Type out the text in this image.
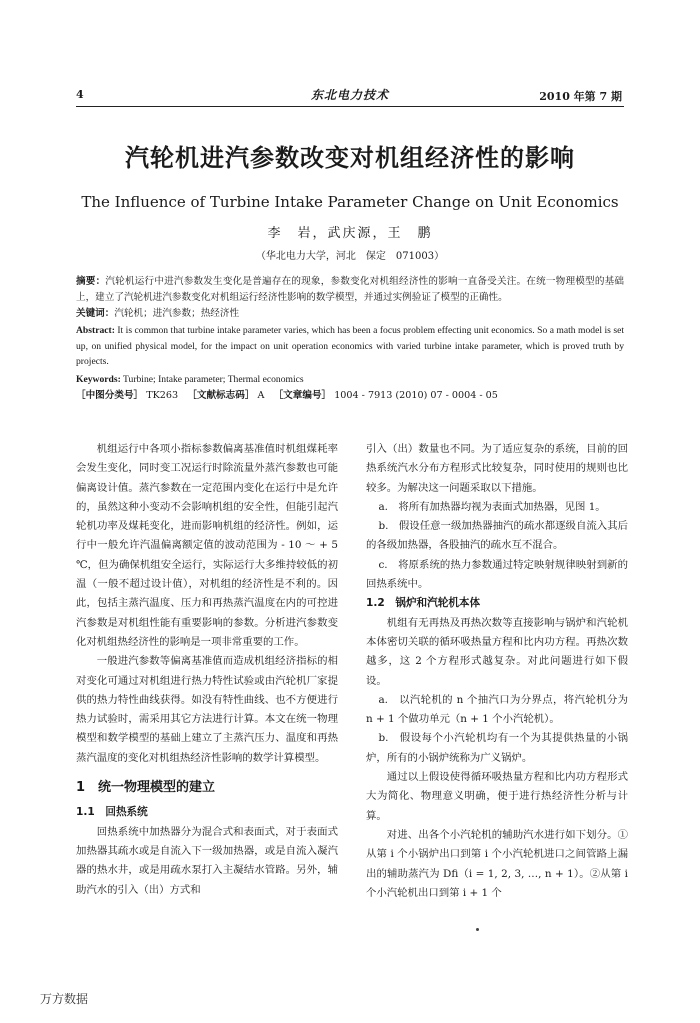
4	东北电力技术	2010 年第 7 期
汽轮机进汽参数改变对机组经济性的影响
The Influence of Turbine Intake Parameter Change on Unit Economics
李　岩，武庆源，王　鹏
（华北电力大学，河北　保定　071003）
摘要：汽轮机运行中进汽参数发生变化是普遍存在的现象，参数变化对机组经济性的影响一直备受关注。在统一物理模型的基础上，建立了汽轮机进汽参数变化对机组运行经济性影响的数学模型，并通过实例验证了模型的正确性。
关键词：汽轮机；进汽参数；热经济性
Abstract: It is common that turbine intake parameter varies, which has been a focus problem effecting unit economics. So a math model is set up, on unified physical model, for the impact on unit operation economics with varied turbine intake parameter, which is proved truth by projects.
Keywords: Turbine; Intake parameter; Thermal economics
［中图分类号］ TK263 ［文献标志码］ A ［文章编号］ 1004 - 7913 (2010) 07 - 0004 - 05

机组运行中各项小指标参数偏离基准值时机组煤耗率会发生变化，同时变工况运行时除流量外蒸汽参数也可能偏离设计值。蒸汽参数在一定范围内变化在运行中是允许的，虽然这种小变动不会影响机组的安全性，但能引起汽轮机功率及煤耗变化，进而影响机组的经济性。例如，运行中一般允许汽温偏离额定值的波动范围为 - 10 ～ + 5 ℃，但为确保机组安全运行，实际运行大多维持较低的初温（一般不超过设计值），对机组的经济性是不利的。因此，包括主蒸汽温度、压力和再热蒸汽温度在内的可控进汽参数是对机组性能有重要影响的参数。分析进汽参数变化对机组热经济性的影响是一项非常重要的工作。

一般进汽参数等偏离基准值而造成机组经济指标的相对变化可通过对机组进行热力特性试验或由汽轮机厂家提供的热力特性曲线获得。如没有特性曲线、也不方便进行热力试验时，需采用其它方法进行计算。本文在统一物理模型和数学模型的基础上建立了主蒸汽压力、温度和再热蒸汽温度的变化对机组热经济性影响的数学计算模型。

1　统一物理模型的建立
1.1　回热系统

回热系统中加热器分为混合式和表面式，对于表面式加热器其疏水或是自流入下一级加热器，或是自流入凝汽器的热水井，或是用疏水泵打入主凝结水管路。另外，辅助汽水的引入（出）方式和

引入（出）数量也不同。为了适应复杂的系统，目前的回热系统汽水分布方程形式比较复杂，同时使用的规则也比较多。为解决这一问题采取以下措施。

a.　将所有加热器均视为表面式加热器，见图 1。

b.　假设任意一级加热器抽汽的疏水都逐级自流入其后的各级加热器，各股抽汽的疏水互不混合。

c.　将原系统的热力参数通过特定映射规律映射到新的回热系统中。

1.2　锅炉和汽轮机本体

机组有无再热及再热次数等直接影响与锅炉和汽轮机本体密切关联的循环吸热量方程和比内功方程。再热次数越多，这 2 个方程形式越复杂。对此问题进行如下假设。

a.　以汽轮机的 n 个抽汽口为分界点，将汽轮机分为 n + 1 个做功单元（n + 1 个小汽轮机）。

b.　假设每个小汽轮机均有一个为其提供热量的小锅炉，所有的小锅炉统称为广义锅炉。

通过以上假设使得循环吸热量方程和比内功方程形式大为简化、物理意义明确，便于进行热经济性分析与计算。

对进、出各个小汽轮机的辅助汽水进行如下划分。①从第 i 个小锅炉出口到第 i 个小汽轮机进口之间管路上漏出的辅助蒸汽为 Dfi（i = 1, 2, 3, …, n + 1）。②从第 i 个小汽轮机出口到第 i + 1 个

万方数据
